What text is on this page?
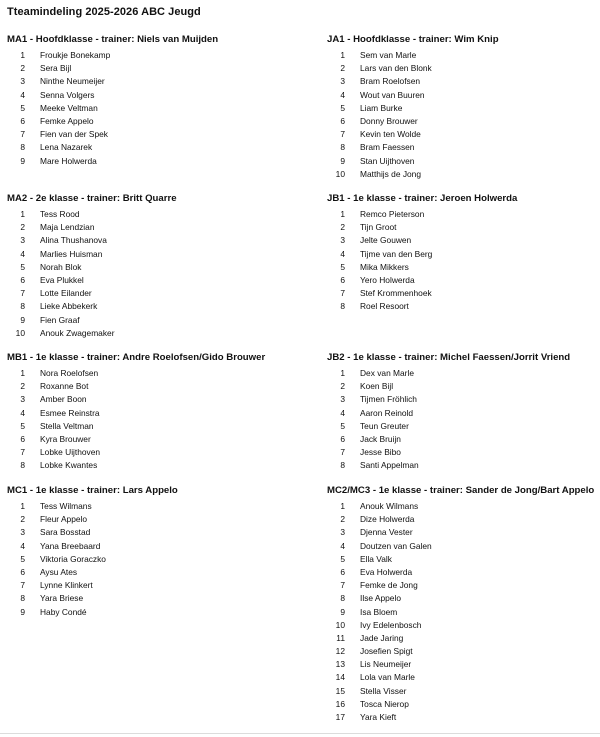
Tteamindeling 2025-2026 ABC Jeugd
MA1 - Hoofdklasse - trainer: Niels van Muijden
1 Froukje Bonekamp
2 Sera Bijl
3 Ninthe Neumeijer
4 Senna Volgers
5 Meeke Veltman
6 Femke Appelo
7 Fien van der Spek
8 Lena Nazarek
9 Mare Holwerda
JA1 - Hoofdklasse - trainer: Wim Knip
1 Sem van Marle
2 Lars van den Blonk
3 Bram Roelofsen
4 Wout van Buuren
5 Liam Burke
6 Donny Brouwer
7 Kevin ten Wolde
8 Bram Faessen
9 Stan Uijthoven
10 Matthijs de Jong
MA2 - 2e klasse - trainer: Britt Quarre
1 Tess Rood
2 Maja Lendzian
3 Alina Thushanova
4 Marlies Huisman
5 Norah Blok
6 Eva Plukkel
7 Lotte Eilander
8 Lieke Abbekerk
9 Fien Graaf
10 Anouk Zwagemaker
JB1 - 1e klasse - trainer: Jeroen Holwerda
1 Remco Pieterson
2 Tijn Groot
3 Jelte Gouwen
4 Tijme van den Berg
5 Mika Mikkers
6 Yero Holwerda
7 Stef Krommenhoek
8 Roel Resoort
MB1 - 1e klasse - trainer: Andre Roelofsen/Gido Brouwer
1 Nora Roelofsen
2 Roxanne Bot
3 Amber Boon
4 Esmee Reinstra
5 Stella Veltman
6 Kyra Brouwer
7 Lobke Uijthoven
8 Lobke Kwantes
JB2 - 1e klasse - trainer: Michel Faessen/Jorrit Vriend
1 Dex van Marle
2 Koen Bijl
3 Tijmen Fröhlich
4 Aaron Reinold
5 Teun Greuter
6 Jack Bruijn
7 Jesse Bibo
8 Santi Appelman
MC1 - 1e klasse - trainer: Lars Appelo
1 Tess Wilmans
2 Fleur Appelo
3 Sara Bosstad
4 Yana Breebaard
5 Viktoria Goraczko
6 Aysu Ates
7 Lynne Klinkert
8 Yara Briese
9 Haby Condé
MC2/MC3 - 1e klasse - trainer: Sander de Jong/Bart Appelo
1 Anouk Wilmans
2 Dize Holwerda
3 Djenna Vester
4 Doutzen van Galen
5 Ella Valk
6 Eva Holwerda
7 Femke de Jong
8 Ilse Appelo
9 Isa Bloem
10 Ivy Edelenbosch
11 Jade Jaring
12 Josefien Spigt
13 Lis Neumeijer
14 Lola van Marle
15 Stella Visser
16 Tosca Nierop
17 Yara Kieft
